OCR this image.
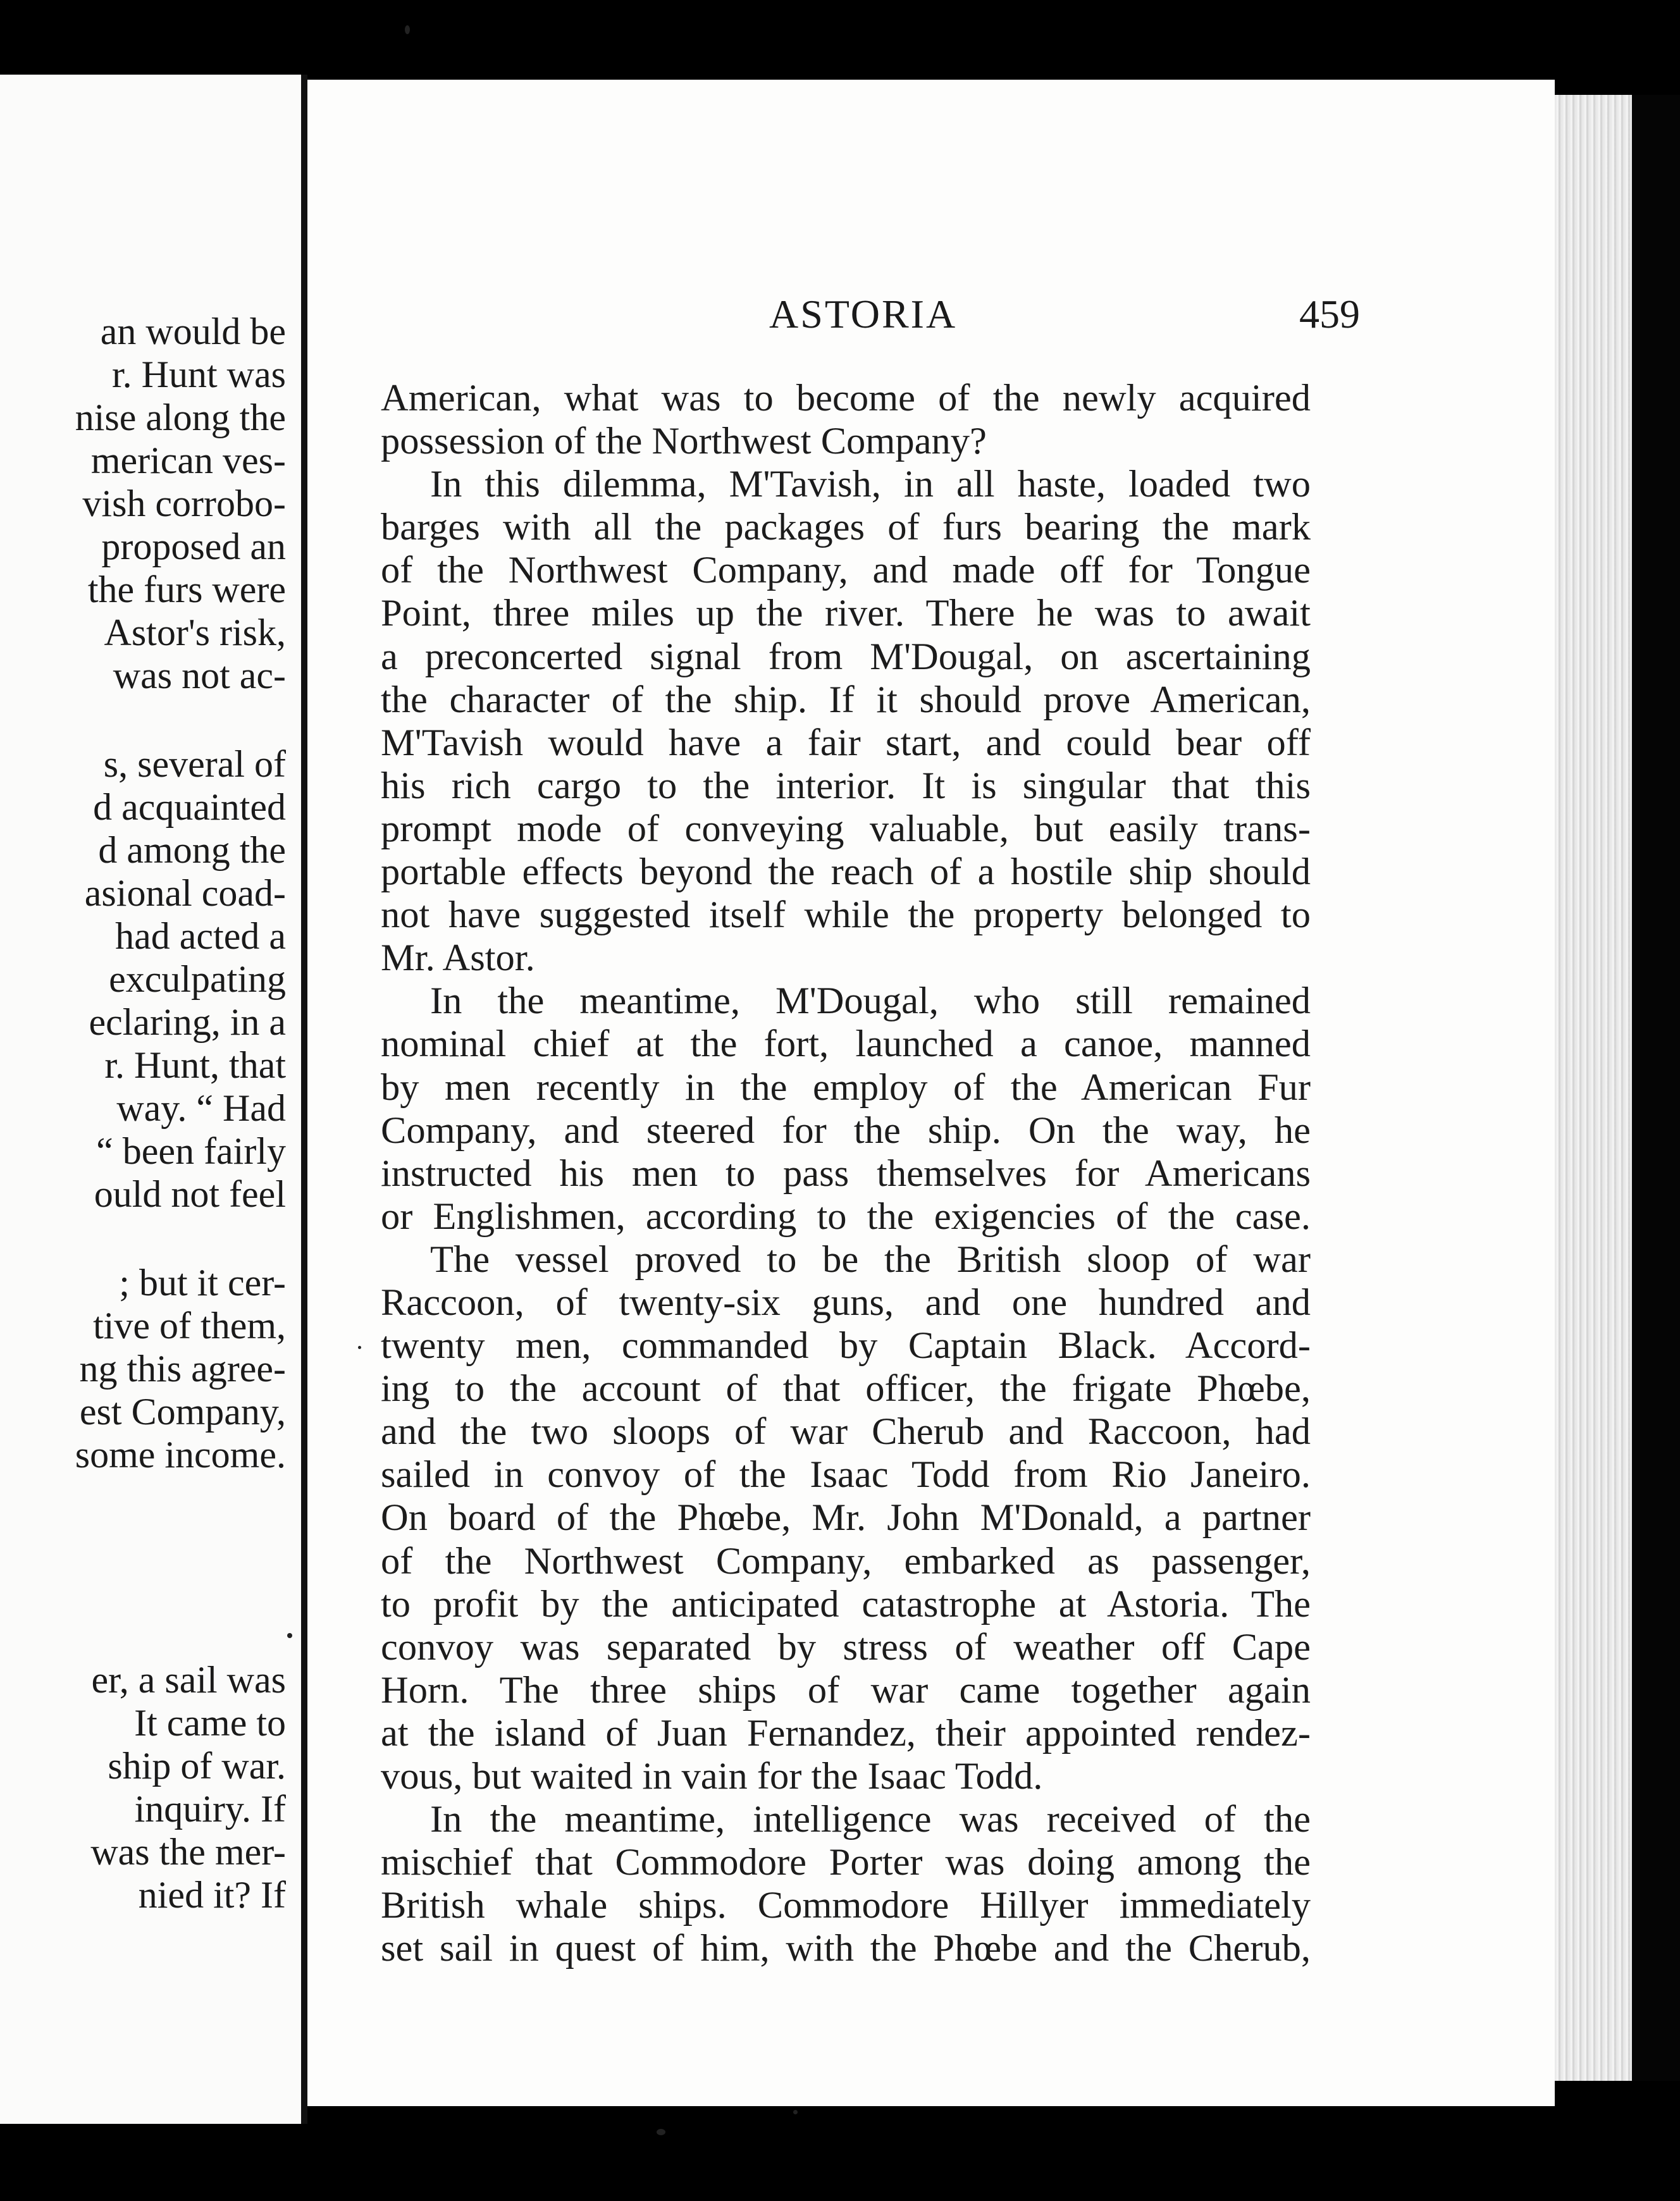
an would be
r. Hunt was
nise along the
merican ves-
vish corrobo-
proposed an
the furs were
Astor's risk,
was not ac-
s, several of
d acquainted
d among the
asional coad-
had acted a
exculpating
eclaring, in a
r. Hunt, that
way. “ Had
“ been fairly
ould not feel
; but it cer-
tive of them,
ng this agree-
est Company,
some income.
er, a sail was
It came to
ship of war.
inquiry. If
was the mer-
nied it? If
ASTORIA	459
American, what was to become of the newly acquired
possession of the Northwest Company?
In this dilemma, M'Tavish, in all haste, loaded two
barges with all the packages of furs bearing the mark
of the Northwest Company, and made off for Tongue
Point, three miles up the river. There he was to await
a preconcerted signal from M'Dougal, on ascertaining
the character of the ship. If it should prove American,
M'Tavish would have a fair start, and could bear off
his rich cargo to the interior. It is singular that this
prompt mode of conveying valuable, but easily trans-
portable effects beyond the reach of a hostile ship should
not have suggested itself while the property belonged to
Mr. Astor.
In the meantime, M'Dougal, who still remained
nominal chief at the fort, launched a canoe, manned
by men recently in the employ of the American Fur
Company, and steered for the ship. On the way, he
instructed his men to pass themselves for Americans
or Englishmen, according to the exigencies of the case.
The vessel proved to be the British sloop of war
Raccoon, of twenty-six guns, and one hundred and
twenty men, commanded by Captain Black. Accord-
ing to the account of that officer, the frigate Phœbe,
and the two sloops of war Cherub and Raccoon, had
sailed in convoy of the Isaac Todd from Rio Janeiro.
On board of the Phœbe, Mr. John M'Donald, a partner
of the Northwest Company, embarked as passenger,
to profit by the anticipated catastrophe at Astoria. The
convoy was separated by stress of weather off Cape
Horn. The three ships of war came together again
at the island of Juan Fernandez, their appointed rendez-
vous, but waited in vain for the Isaac Todd.
In the meantime, intelligence was received of the
mischief that Commodore Porter was doing among the
British whale ships. Commodore Hillyer immediately
set sail in quest of him, with the Phœbe and the Cherub,
